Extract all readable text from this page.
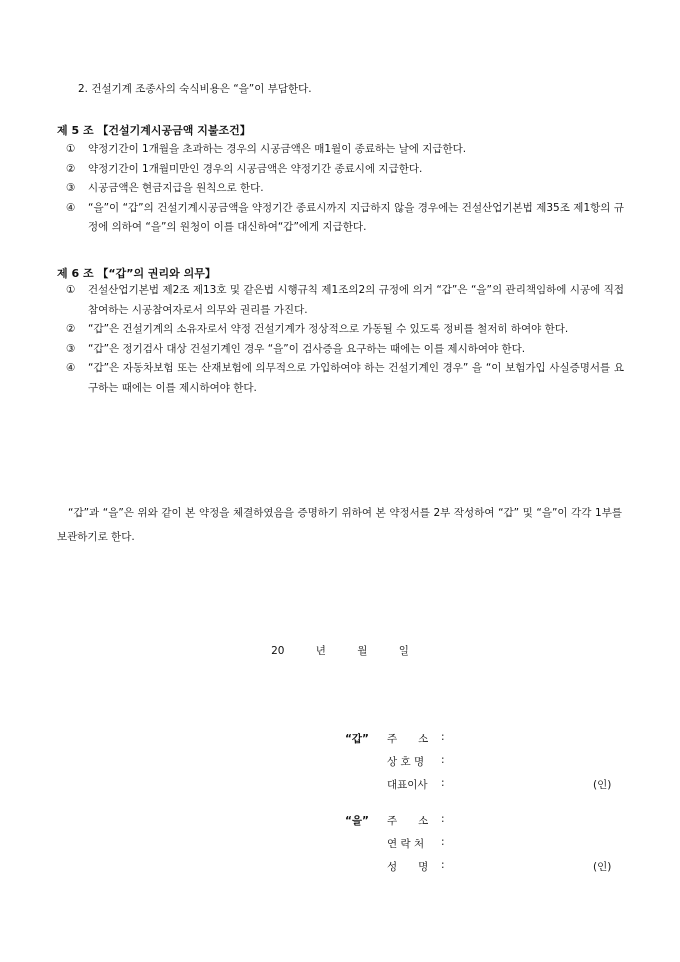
2. 건설기계 조종사의 숙식비용은 “을”이 부담한다.
제 5 조 【건설기계시공금액 지불조건】
① 약정기간이 1개월을 초과하는 경우의 시공금액은 매1월이 종료하는 날에 지급한다.
② 약정기간이 1개월미만인 경우의 시공금액은 약정기간 종료시에 지급한다.
③ 시공금액은 현금지급을 원칙으로 한다.
④ “을”이 “갑”의 건설기계시공금액을 약정기간 종료시까지 지급하지 않을 경우에는 건설산업기본법 제35조 제1항의 규정에 의하여 “을”의 원청이 이를 대신하여“갑”에게 지급한다.
제 6 조 【“갑”의 권리와 의무】
① 건설산업기본법 제2조 제13호 및 같은법 시행규칙 제1조의2의 규정에 의거 “갑”은 “을”의 관리책임하에 시공에 직접 참여하는 시공참여자로서 의무와 권리를 가진다.
② “갑”은 건설기계의 소유자로서 약정 건설기계가 정상적으로 가동될 수 있도록 정비를 철저히 하여야 한다.
③ “갑”은 정기검사 대상 건설기계인 경우 “을”이 검사증을 요구하는 때에는 이를 제시하여야 한다.
④ “갑”은 자동차보험 또는 산재보험에 의무적으로 가입하여야 하는 건설기계인 경우” 을 “이 보험가입 사실증명서를 요구하는 때에는 이를 제시하여야 한다.
“갑”과 “을”은 위와 같이 본 약정을 체결하였음을 증명하기 위하여 본 약정서를 2부 작성하여 “갑” 및 “을”이 각각 1부를 보관하기로 한다.
20	년	월	일
“갑” 주　　소 :
상 호 명 :
대표이사 :	(인)
“을” 주　　소 :
연 락 처 :
성　　명 :	(인)
